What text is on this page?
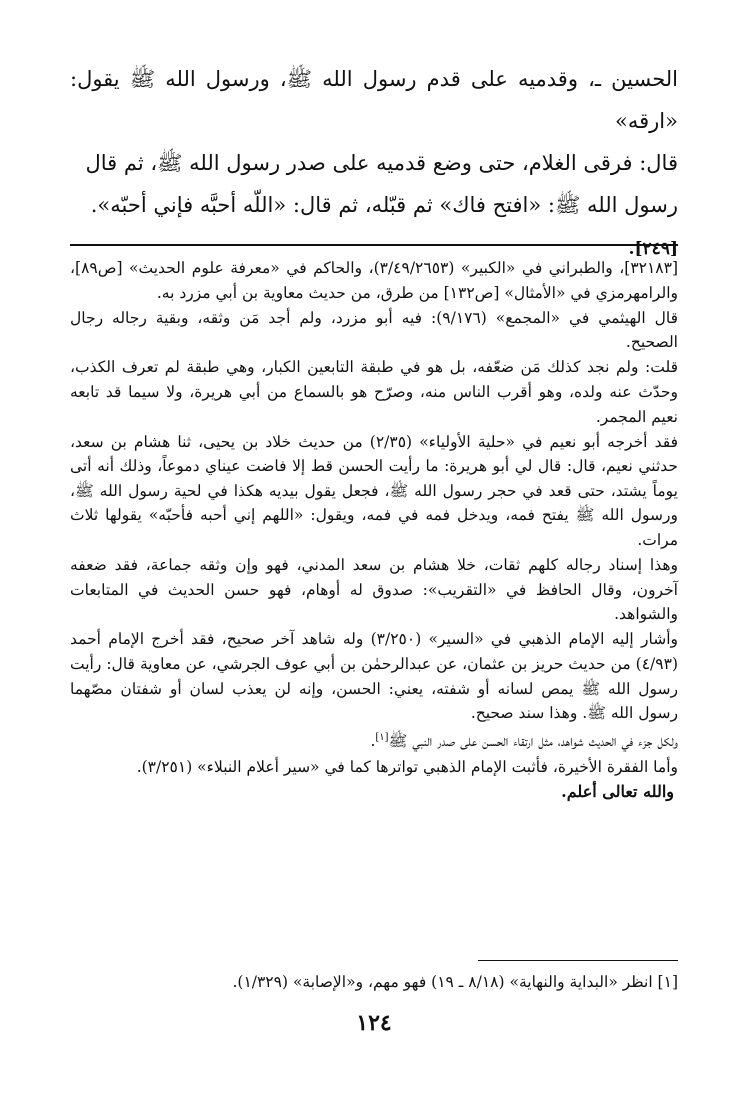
الحسين ـ، وقدميه على قدم رسول الله ﷺ، ورسول الله ﷺ يقول: «ارقه»

قال: فرقى الغلام، حتى وضع قدميه على صدر رسول الله ﷺ، ثم قال

رسول الله ﷺ: «افتح فاك» ثم قبّله، ثم قال: «اللّه أحبَّه فإني أحبّه».

[٢٤٩].

[٣٢١٨٣]، والطبراني في «الكبير» (٣/٤٩/٢٦٥٣)، والحاكم في «معرفة علوم الحديث» [ص٨٩]، والرامهرمزي في «الأمثال» [ص١٣٢] من طرق، من حديث معاوية بن أبي مزرد به.

قال الهيثمي في «المجمع» (٩/١٧٦): فيه أبو مزرد، ولم أجد مَن وثقه، وبقية رجاله رجال الصحيح.

قلت: ولم نجد كذلك مَن ضعّفه، بل هو في طبقة التابعين الكبار، وهي طبقة لم تعرف الكذب، وحدّث عنه ولده، وهو أقرب الناس منه، وصرّح هو بالسماع من أبي هريرة، ولا سيما قد تابعه نعيم المجمر.

فقد أخرجه أبو نعيم في «حلية الأولياء» (٢/٣٥) من حديث خلاد بن يحيى، ثنا هشام بن سعد، حدثني نعيم، قال: قال لي أبو هريرة: ما رأيت الحسن قط إلا فاضت عيناي دموعاً، وذلك أنه أتى يوماً يشتد، حتى قعد في حجر رسول الله ﷺ، فجعل يقول بيديه هكذا في لحية رسول الله ﷺ، ورسول الله ﷺ يفتح فمه، ويدخل فمه في فمه، ويقول: «اللهم إني أحبه فأحبّه» يقولها ثلاث مرات.

وهذا إسناد رجاله كلهم ثقات، خلا هشام بن سعد المدني، فهو وإن وثقه جماعة، فقد ضعفه آخرون، وقال الحافظ في «التقريب»: صدوق له أوهام، فهو حسن الحديث في المتابعات والشواهد.

وأشار إليه الإمام الذهبي في «السير» (٣/٢٥٠) وله شاهد آخر صحيح، فقد أخرج الإمام أحمد (٤/٩٣) من حديث حريز بن عثمان، عن عبدالرحمٰن بن أبي عوف الجرشي، عن معاوية قال: رأيت رسول الله ﷺ يمص لسانه أو شفته، يعني: الحسن، وإنه لن يعذب لسان أو شفتان مصّهما رسول الله ﷺ. وهذا سند صحيح.

ولكل جزء في الحديث شواهد، مثل ارتقاء الحسن على صدر النبي ﷺ[١].

وأما الفقرة الأخيرة، فأثبت الإمام الذهبي تواترها كما في «سير أعلام النبلاء» (٣/٢٥١).

والله تعالى أعلم.

[١] انظر «البداية والنهاية» (٨/١٨ ـ ١٩) فهو مهم، و«الإصابة» (١/٣٢٩).
١٢٤
